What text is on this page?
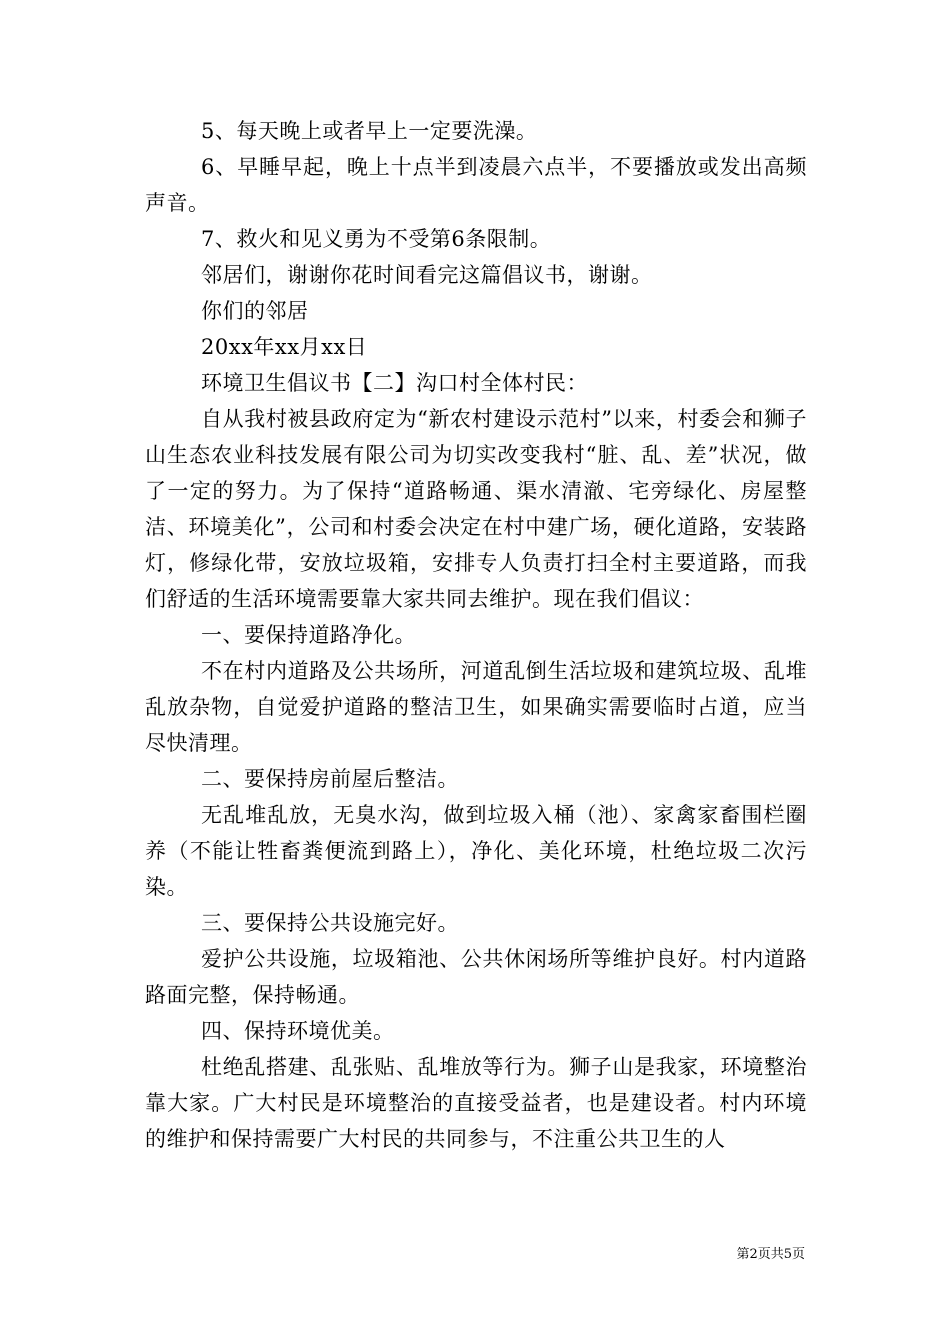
5、每天晚上或者早上一定要洗澡。

6、早睡早起，晚上十点半到凌晨六点半，不要播放或发出高频声音。

7、救火和见义勇为不受第6条限制。

邻居们，谢谢你花时间看完这篇倡议书，谢谢。

你们的邻居

20xx年xx月xx日

环境卫生倡议书【二】沟口村全体村民：

自从我村被县政府定为“新农村建设示范村”以来，村委会和狮子山生态农业科技发展有限公司为切实改变我村“脏、乱、差”状况，做了一定的努力。为了保持“道路畅通、渠水清澈、宅旁绿化、房屋整洁、环境美化”，公司和村委会决定在村中建广场，硬化道路，安装路灯，修绿化带，安放垃圾箱，安排专人负责打扫全村主要道路，而我们舒适的生活环境需要靠大家共同去维护。现在我们倡议：

一、要保持道路净化。

不在村内道路及公共场所，河道乱倒生活垃圾和建筑垃圾、乱堆乱放杂物，自觉爱护道路的整洁卫生，如果确实需要临时占道，应当尽快清理。

二、要保持房前屋后整洁。

无乱堆乱放，无臭水沟，做到垃圾入桶（池）、家禽家畜围栏圈养（不能让牲畜粪便流到路上），净化、美化环境，杜绝垃圾二次污染。

三、要保持公共设施完好。

爱护公共设施，垃圾箱池、公共休闲场所等维护良好。村内道路路面完整，保持畅通。

四、保持环境优美。

杜绝乱搭建、乱张贴、乱堆放等行为。狮子山是我家，环境整治靠大家。广大村民是环境整治的直接受益者，也是建设者。村内环境的维护和保持需要广大村民的共同参与，不注重公共卫生的人

第2页共5页
